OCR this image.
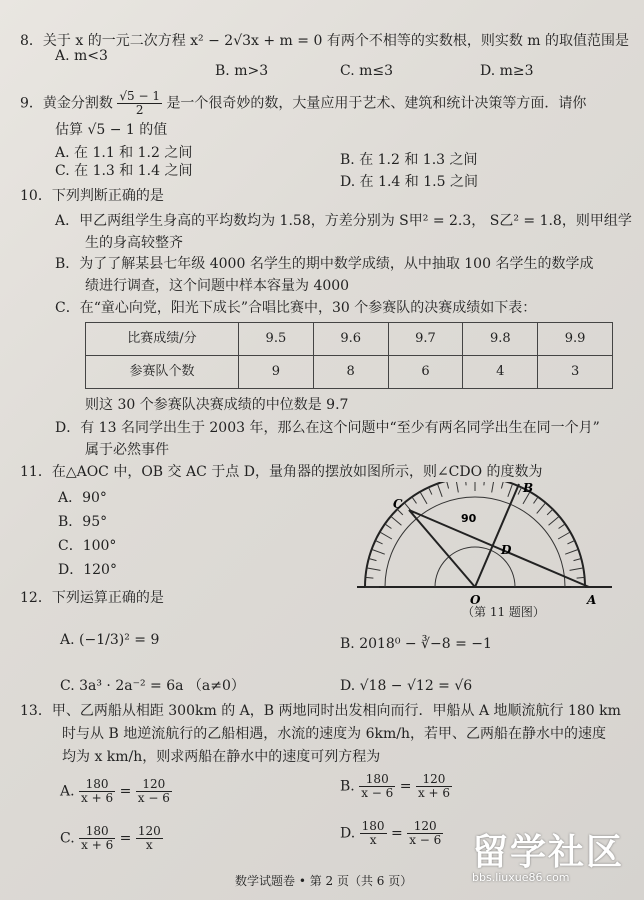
8．关于 x 的一元二次方程 x² − 2√3x + m = 0 有两个不相等的实数根，则实数 m 的取值范围是
A. m<3
B. m>3	C. m≤3	D. m≥3
9．黄金分割数 $\frac{√5 - 1}{2}$ 是一个很奇妙的数，大量应用于艺术、建筑和统计决策等方面．请你
估算 √5 − 1 的值
A. 在 1.1 和 1.2 之间	B. 在 1.2 和 1.3 之间
C. 在 1.3 和 1.4 之间
D. 在 1.4 和 1.5 之间
10．下列判断正确的是
A．甲乙两组学生身高的平均数均为 1.58，方差分别为 S甲² = 2.3， S乙² = 1.8，则甲组学
生的身高较整齐
B．为了了解某县七年级 4000 名学生的期中数学成绩，从中抽取 100 名学生的数学成
绩进行调查，这个问题中样本容量为 4000
C．在“童心向党，阳光下成长”合唱比赛中，30 个参赛队的决赛成绩如下表：
比赛成绩/分	9.5	9.6	9.7	9.8	9.9
参赛队个数	9	8	6	4	3
则这 30 个参赛队决赛成绩的中位数是 9.7
D．有 13 名同学出生于 2003 年，那么在这个问题中“至少有两名同学出生在同一个月”
属于必然事件
11．在△AOC 中，OB 交 AC 于点 D，量角器的摆放如图所示，则∠CDO 的度数为
A．90°
B．95°
C．100°
D．120°
90
C
B
D
O	A
（第 11 题图）
12．下列运算正确的是
A. (−1/3)² = 9	B. 2018⁰ − ∛−8 = −1
C. 3a³ · 2a⁻² = 6a （a≠0）	D. √18 − √12 = √6
13．甲、乙两船从相距 300km 的 A，B 两地同时出发相向而行．甲船从 A 地顺流航行 180 km
时与从 B 地逆流航行的乙船相遇，水流的速度为 6km/h，若甲、乙两船在静水中的速度
均为 x km/h，则求两船在静水中的速度可列方程为
A. $\frac{180}{x + 6} = \frac{120}{x - 6}$	B. $\frac{180}{x - 6} = \frac{120}{x + 6}$
C. $\frac{180}{x + 6} = \frac{120}{x}$	D. $\frac{180}{x} = \frac{120}{x - 6}$
数学试题卷 • 第 2 页（共 6 页）
留学社区
bbs.liuxue86.com
